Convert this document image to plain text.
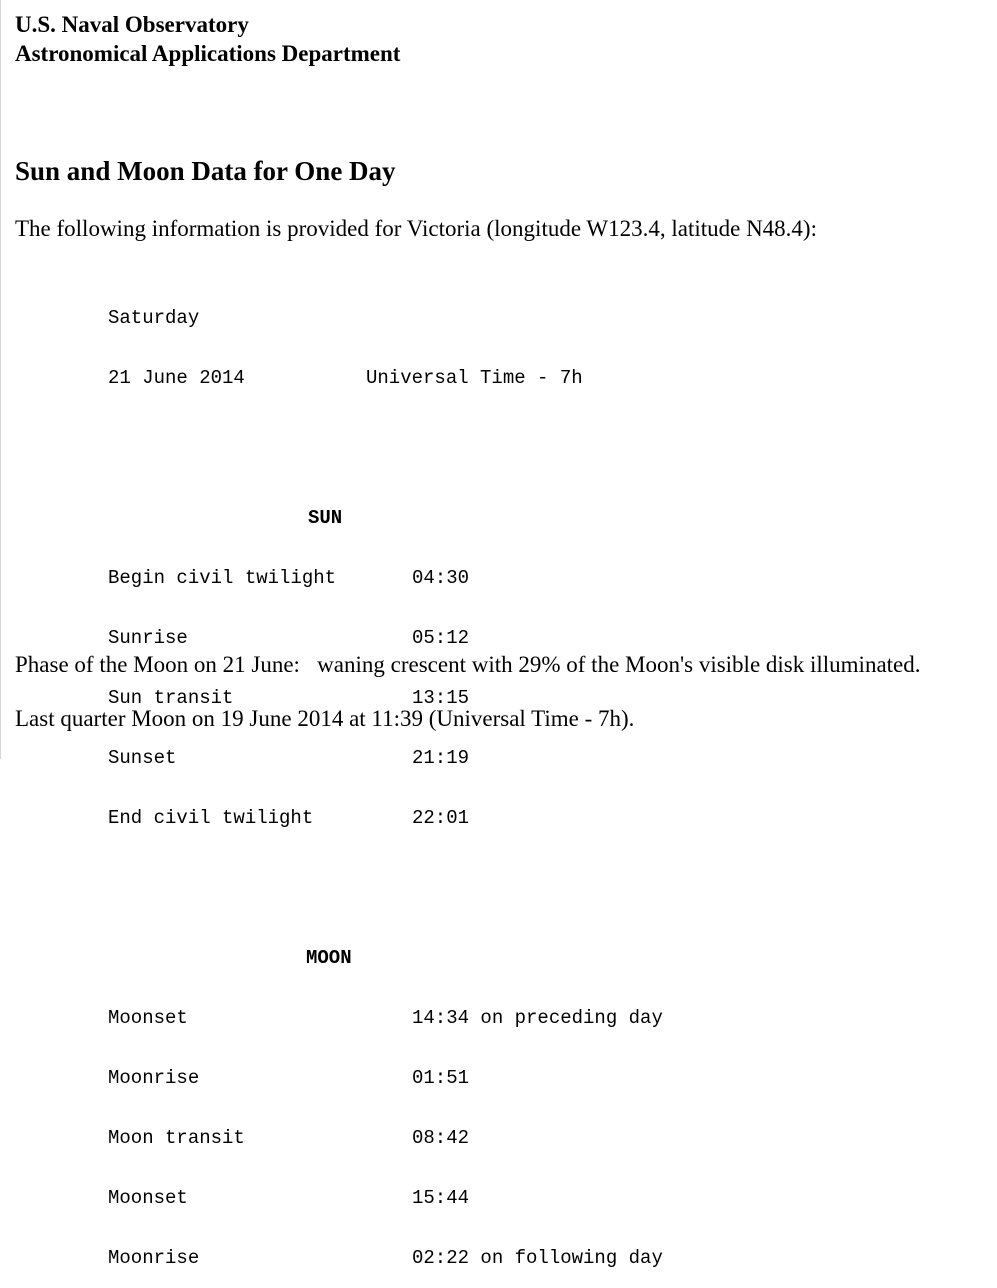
U.S. Naval Observatory
Astronomical Applications Department
Sun and Moon Data for One Day
The following information is provided for Victoria (longitude W123.4, latitude N48.4):

Saturday

21 June 2014	Universal Time - 7h

SUN

Begin civil twilight	04:30

Sunrise	05:12

Sun transit	13:15

Sunset	21:19

End civil twilight	22:01

MOON

Moonset	14:34 on preceding day

Moonrise	01:51

Moon transit	08:42

Moonset	15:44

Moonrise	02:22 on following day

Phase of the Moon on 21 June: waning crescent with 29% of the Moon's visible disk illuminated.
Last quarter Moon on 19 June 2014 at 11:39 (Universal Time - 7h).
